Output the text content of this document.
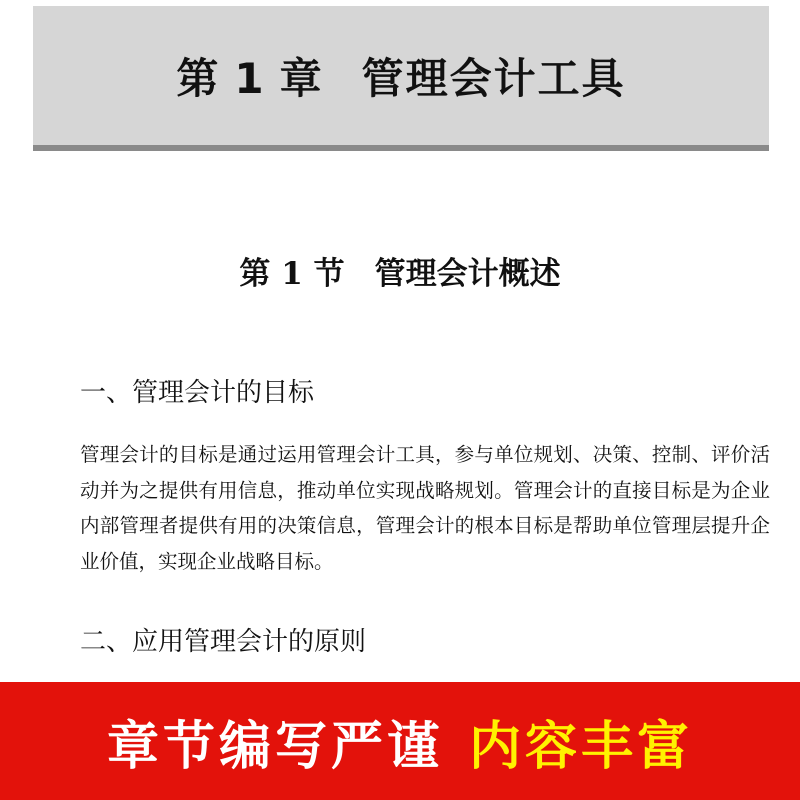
第 1 章 管理会计工具
第 1 节 管理会计概述
一、管理会计的目标
管理会计的目标是通过运用管理会计工具，参与单位规划、决策、控制、评价活动并为之提供有用信息，推动单位实现战略规划。管理会计的直接目标是为企业内部管理者提供有用的决策信息，管理会计的根本目标是帮助单位管理层提升企业价值，实现企业战略目标。
二、应用管理会计的原则
章节编写严谨 内容丰富
